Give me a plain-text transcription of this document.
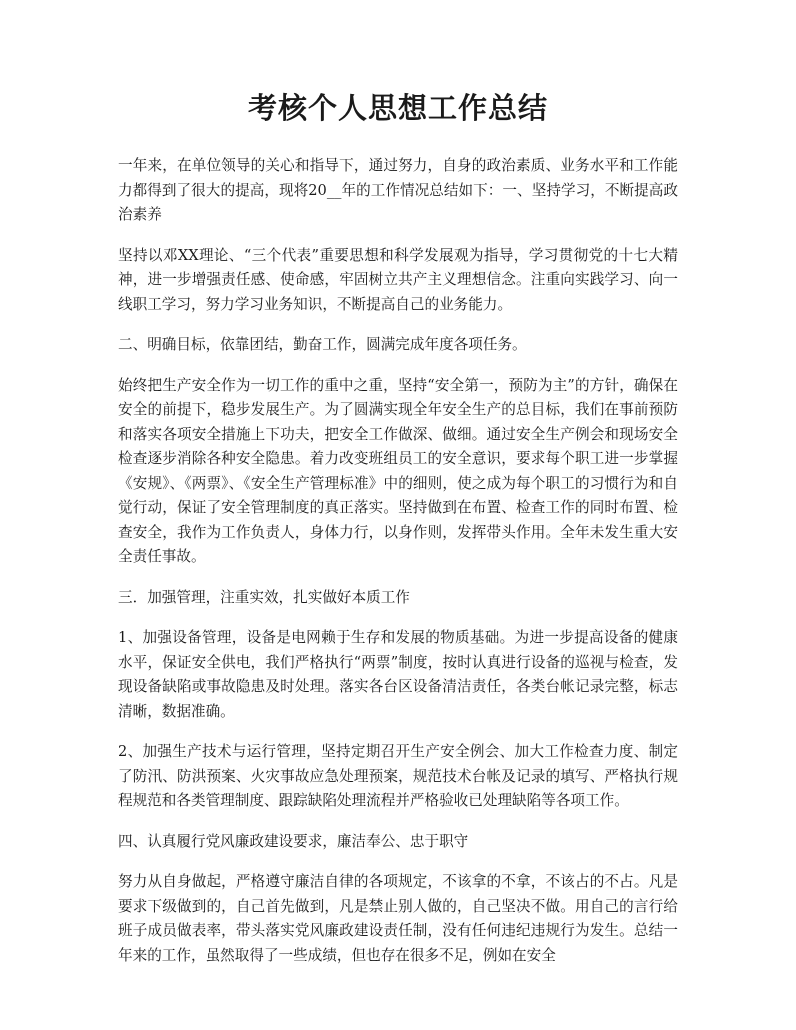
考核个人思想工作总结

一年来，在单位领导的关心和指导下，通过努力，自身的政治素质、业务水平和工作能力都得到了很大的提高，现将20__年的工作情况总结如下：一、坚持学习，不断提高政治素养

坚持以邓XX理论、“三个代表”重要思想和科学发展观为指导，学习贯彻党的十七大精神，进一步增强责任感、使命感，牢固树立共产主义理想信念。注重向实践学习、向一线职工学习，努力学习业务知识，不断提高自己的业务能力。

二、明确目标，依靠团结，勤奋工作，圆满完成年度各项任务。

始终把生产安全作为一切工作的重中之重，坚持“安全第一，预防为主”的方针，确保在安全的前提下，稳步发展生产。为了圆满实现全年安全生产的总目标，我们在事前预防和落实各项安全措施上下功夫，把安全工作做深、做细。通过安全生产例会和现场安全检查逐步消除各种安全隐患。着力改变班组员工的安全意识，要求每个职工进一步掌握《安规》、《两票》、《安全生产管理标准》中的细则，使之成为每个职工的习惯行为和自觉行动，保证了安全管理制度的真正落实。坚持做到在布置、检查工作的同时布置、检查安全，我作为工作负责人，身体力行，以身作则，发挥带头作用。全年未发生重大安全责任事故。

三．加强管理，注重实效，扎实做好本质工作

1、加强设备管理，设备是电网赖于生存和发展的物质基础。为进一步提高设备的健康水平，保证安全供电，我们严格执行“两票”制度，按时认真进行设备的巡视与检查，发现设备缺陷或事故隐患及时处理。落实各台区设备清洁责任，各类台帐记录完整，标志清晰，数据准确。

2、加强生产技术与运行管理，坚持定期召开生产安全例会、加大工作检查力度、制定了防汛、防洪预案、火灾事故应急处理预案，规范技术台帐及记录的填写、严格执行规程规范和各类管理制度、跟踪缺陷处理流程并严格验收已处理缺陷等各项工作。

四、认真履行党风廉政建设要求，廉洁奉公、忠于职守

努力从自身做起，严格遵守廉洁自律的各项规定，不该拿的不拿，不该占的不占。凡是要求下级做到的，自己首先做到，凡是禁止别人做的，自己坚决不做。用自己的言行给班子成员做表率，带头落实党风廉政建设责任制，没有任何违纪违规行为发生。总结一年来的工作，虽然取得了一些成绩，但也存在很多不足，例如在安全
